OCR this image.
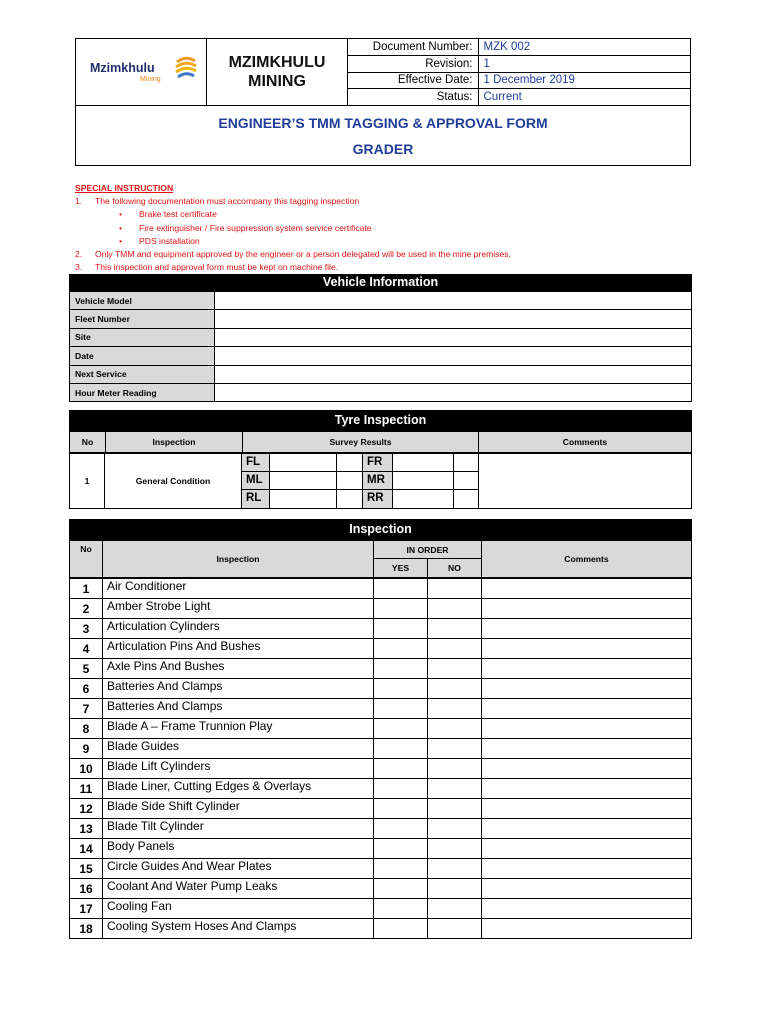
Mzimkhulu
Mining
MZIMKHULU
MINING
Document Number:	MZK 002
Revision:	1
Effective Date:	1 December 2019
Status:	Current
ENGINEER’S TMM TAGGING & APPROVAL FORM
GRADER
SPECIAL INSTRUCTION
1.	The following documentation must accompany this tagging inspection
•	Brake test certificate
•	Fire extinguisher / Fire suppression system service certificate
•	PDS installation
2.	Only TMM and equipment approved by the engineer or a person delegated will be used in the mine premises.
3.	This inspection and approval form must be kept on machine file.
Vehicle Information
Vehicle Model	
Fleet Number	
Site	
Date	
Next Service	
Hour Meter Reading	
Tyre Inspection
No	Inspection	Survey Results	Comments
1	General Condition
FL	FR
ML	MR
RL	RR
Inspection
No	Inspection	IN ORDER		Comments
		YES	NO	
1	Air Conditioner			
2	Amber Strobe Light			
3	Articulation Cylinders			
4	Articulation Pins And Bushes			
5	Axle Pins And Bushes			
6	Batteries And Clamps			
7	Batteries And Clamps			
8	Blade A – Frame Trunnion Play			
9	Blade Guides			
10	Blade Lift Cylinders			
11	Blade Liner, Cutting Edges & Overlays			
12	Blade Side Shift Cylinder			
13	Blade Tilt Cylinder			
14	Body Panels			
15	Circle Guides And Wear Plates			
16	Coolant And Water Pump Leaks			
17	Cooling Fan			
18	Cooling System Hoses And Clamps			
